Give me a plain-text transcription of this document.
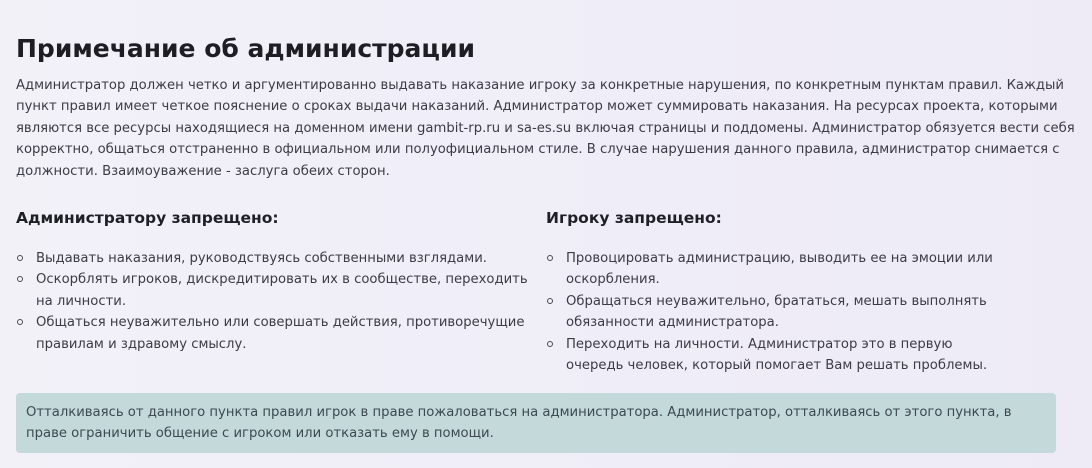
Примечание об администрации

Администратор должен четко и аргументированно выдавать наказание игроку за конкретные нарушения, по конкретным пунктам правил. Каждый пункт правил имеет четкое пояснение о сроках выдачи наказаний. Администратор может суммировать наказания. На ресурсах проекта, которыми являются все ресурсы находящиеся на доменном имени gambit-rp.ru и sa-es.su включая страницы и поддомены. Администратор обязуется вести себя корректно, общаться отстраненно в официальном или полуофициальном стиле. В случае нарушения данного правила, администратор снимается с должности. Взаимоуважение - заслуга обеих сторон.

Администратору запрещено:
Выдавать наказания, руководствуясь собственными взглядами.
Оскорблять игроков, дискредитировать их в сообществе, переходить на личности.
Общаться неуважительно или совершать действия, противоречущие правилам и здравому смыслу.
Игроку запрещено:
Провоцировать администрацию, выводить ее на эмоции или оскорбления.
Обращаться неуважительно, брататься, мешать выполнять обязанности администратора.
Переходить на личности. Администратор это в первую очередь человек, который помогает Вам решать проблемы.
Отталкиваясь от данного пункта правил игрок в праве пожаловаться на администратора. Администратор, отталкиваясь от этого пункта, в праве ограничить общение с игроком или отказать ему в помощи.
